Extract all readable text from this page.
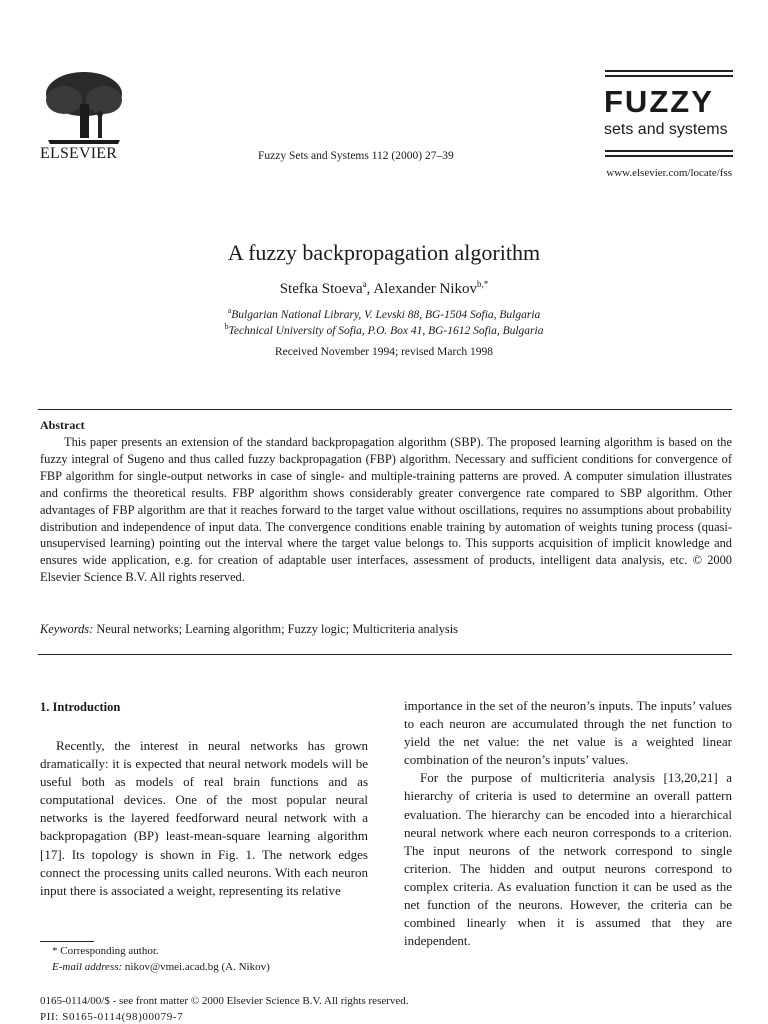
ELSEVIER	Fuzzy Sets and Systems 112 (2000) 27–39
FUZZY
sets and systems
www.elsevier.com/locate/fss
A fuzzy backpropagation algorithm
Stefka Stoeva$^a$, Alexander Nikov$^{b,*}$
$^a$Bulgarian National Library, V. Levski 88, BG-1504 Sofia, Bulgaria
$^b$Technical University of Sofia, P.O. Box 41, BG-1612 Sofia, Bulgaria
Received November 1994; revised March 1998
Abstract
This paper presents an extension of the standard backpropagation algorithm (SBP). The proposed learning algorithm is based on the fuzzy integral of Sugeno and thus called fuzzy backpropagation (FBP) algorithm. Necessary and sufficient conditions for convergence of FBP algorithm for single-output networks in case of single- and multiple-training patterns are proved. A computer simulation illustrates and confirms the theoretical results. FBP algorithm shows considerably greater convergence rate compared to SBP algorithm. Other advantages of FBP algorithm are that it reaches forward to the target value without oscillations, requires no assumptions about probability distribution and independence of input data. The convergence conditions enable training by automation of weights tuning process (quasi-unsupervised learning) pointing out the interval where the target value belongs to. This supports acquisition of implicit knowledge and ensures wide application, e.g. for creation of adaptable user interfaces, assessment of products, intelligent data analysis, etc. © 2000 Elsevier Science B.V. All rights reserved.
Keywords: Neural networks; Learning algorithm; Fuzzy logic; Multicriteria analysis
1. Introduction

Recently, the interest in neural networks has grown dramatically: it is expected that neural network models will be useful both as models of real brain functions and as computational devices. One of the most popular neural networks is the layered feedforward neural network with a backpropagation (BP) least-mean-square learning algorithm [17]. Its topology is shown in Fig. 1. The network edges connect the processing units called neurons. With each neuron input there is associated a weight, representing its relative

importance in the set of the neuron’s inputs. The inputs’ values to each neuron are accumulated through the net function to yield the net value: the net value is a weighted linear combination of the neuron’s inputs’ values.

For the purpose of multicriteria analysis [13,20,21] a hierarchy of criteria is used to determine an overall pattern evaluation. The hierarchy can be encoded into a hierarchical neural network where each neuron corresponds to a criterion. The input neurons of the network correspond to single criterion. The hidden and output neurons correspond to complex criteria. As evaluation function it can be used as the net function of the neurons. However, the criteria can be combined linearly when it is assumed that they are independent.

* Corresponding author.
E-mail address: nikov@vmei.acad.bg (A. Nikov)
0165-0114/00/$ - see front matter © 2000 Elsevier Science B.V. All rights reserved.
PII: S0165-0114(98)00079-7
